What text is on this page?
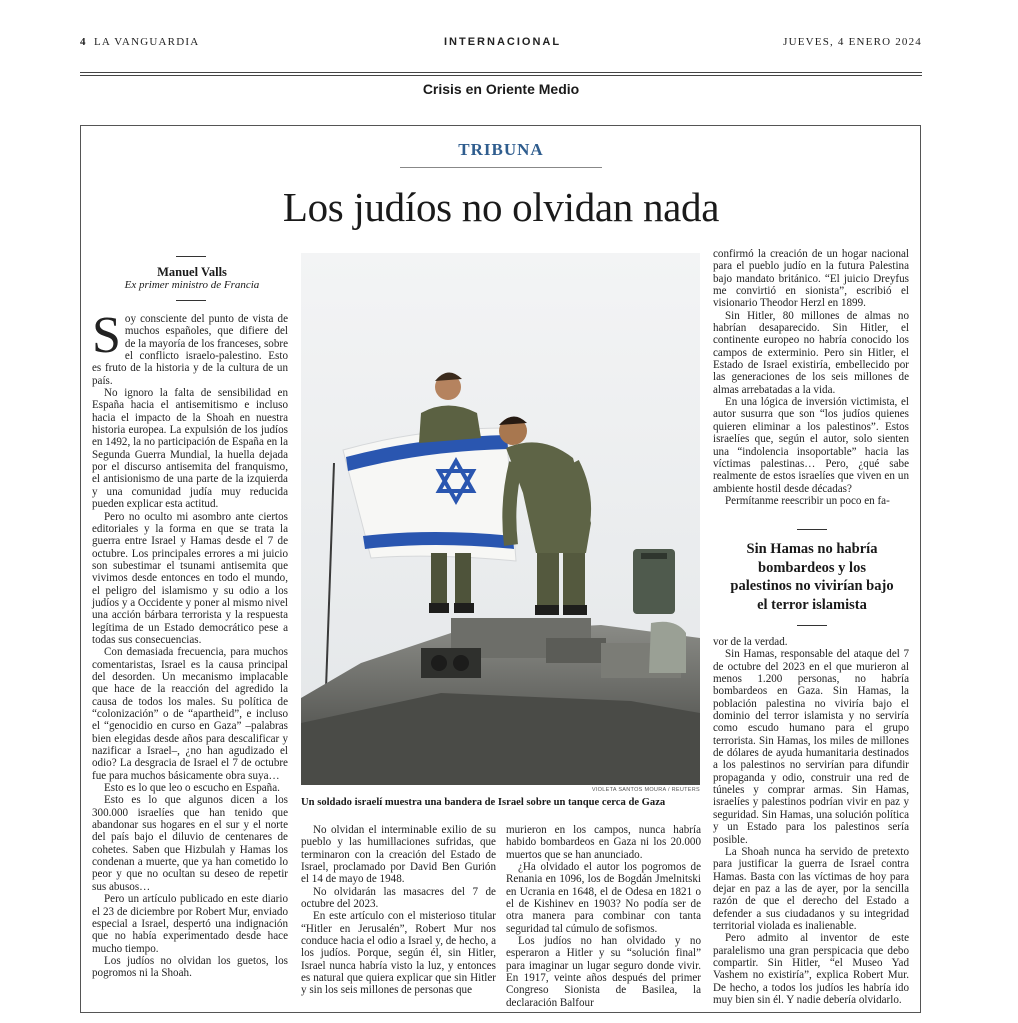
4 LA VANGUARDIA	INTERNACIONAL	JUEVES, 4 ENERO 2024
Crisis en Oriente Medio
TRIBUNA
Los judíos no olvidan nada
Manuel Valls
Ex primer ministro de Francia

Soy consciente del punto de vista de muchos españoles, que difiere del de la mayoría de los franceses, sobre el conflicto israelo-palestino. Esto es fruto de la historia y de la cultura de un país.

No ignoro la falta de sensibilidad en España hacia el antisemitismo e incluso hacia el impacto de la Shoah en nuestra historia europea. La expulsión de los judíos en 1492, la no participación de España en la Segunda Guerra Mundial, la huella dejada por el discurso antisemita del franquismo, el antisionismo de una parte de la izquierda y una comunidad judía muy reducida pueden explicar esta actitud.

Pero no oculto mi asombro ante ciertos editoriales y la forma en que se trata la guerra entre Israel y Hamas desde el 7 de octubre. Los principales errores a mi juicio son subestimar el tsunami antisemita que vivimos desde entonces en todo el mundo, el peligro del islamismo y su odio a los judíos y a Occidente y poner al mismo nivel una acción bárbara terrorista y la respuesta legítima de un Estado democrático pese a todas sus consecuencias.

Con demasiada frecuencia, para muchos comentaristas, Israel es la causa principal del desorden. Un mecanismo implacable que hace de la reacción del agredido la causa de todos los males. Su política de “colonización” o de “apartheid”, e incluso el “genocidio en curso en Gaza” –palabras bien elegidas desde años para descalificar y nazificar a Israel–, ¿no han agudizado el odio? La desgracia de Israel el 7 de octubre fue para muchos básicamente obra suya…

Esto es lo que leo o escucho en España.

Esto es lo que algunos dicen a los 300.000 israelíes que han tenido que abandonar sus hogares en el sur y el norte del país bajo el diluvio de centenares de cohetes. Saben que Hizbulah y Hamas los condenan a muerte, que ya han cometido lo peor y que no ocultan su deseo de repetir sus abusos…

Pero un artículo publicado en este diario el 23 de diciembre por Robert Mur, enviado especial a Israel, despertó una indignación que no había experimentado desde hace mucho tiempo.

Los judíos no olvidan los guetos, los pogromos ni la Shoah.

VIOLETA SANTOS MOURA / REUTERS
Un soldado israelí muestra una bandera de Israel sobre un tanque cerca de Gaza

No olvidan el interminable exilio de su pueblo y las humillaciones sufridas, que terminaron con la creación del Estado de Israel, proclamado por David Ben Gurión el 14 de mayo de 1948.

No olvidarán las masacres del 7 de octubre del 2023.

En este artículo con el misterioso titular “Hitler en Jerusalén”, Robert Mur nos conduce hacia el odio a Israel y, de hecho, a los judíos. Porque, según él, sin Hitler, Israel nunca habría visto la luz, y entonces es natural que quiera explicar que sin Hitler y sin los seis millones de personas que

murieron en los campos, nunca habría habido bombardeos en Gaza ni los 20.000 muertos que se han anunciado.

¿Ha olvidado el autor los pogromos de Renania en 1096, los de Bogdán Jmelnitski en Ucrania en 1648, el de Odesa en 1821 o el de Kishinev en 1903? No podía ser de otra manera para combinar con tanta seguridad tal cúmulo de sofismos.

Los judíos no han olvidado y no esperaron a Hitler y su “solución final” para imaginar un lugar seguro donde vivir. En 1917, veinte años después del primer Congreso Sionista de Basilea, la declaración Balfour

confirmó la creación de un hogar nacional para el pueblo judío en la futura Palestina bajo mandato británico. “El juicio Dreyfus me convirtió en sionista”, escribió el visionario Theodor Herzl en 1899.

Sin Hitler, 80 millones de almas no habrían desaparecido. Sin Hitler, el continente europeo no habría conocido los campos de exterminio. Pero sin Hitler, el Estado de Israel existiría, embellecido por las generaciones de los seis millones de almas arrebatadas a la vida.

En una lógica de inversión victimista, el autor susurra que son “los judíos quienes quieren eliminar a los palestinos”. Estos israelíes que, según el autor, solo sienten una “indolencia insoportable” hacia las víctimas palestinas… Pero, ¿qué sabe realmente de estos israelíes que viven en un ambiente hostil desde décadas?

Permítanme reescribir un poco en fa-

Sin Hamas no habría bombardeos y los palestinos no vivirían bajo el terror islamista

vor de la verdad.

Sin Hamas, responsable del ataque del 7 de octubre del 2023 en el que murieron al menos 1.200 personas, no habría bombardeos en Gaza. Sin Hamas, la población palestina no viviría bajo el dominio del terror islamista y no serviría como escudo humano para el grupo terrorista. Sin Hamas, los miles de millones de dólares de ayuda humanitaria destinados a los palestinos no servirían para difundir propaganda y odio, construir una red de túneles y comprar armas. Sin Hamas, israelíes y palestinos podrían vivir en paz y seguridad. Sin Hamas, una solución política y un Estado para los palestinos sería posible.

La Shoah nunca ha servido de pretexto para justificar la guerra de Israel contra Hamas. Basta con las víctimas de hoy para dejar en paz a las de ayer, por la sencilla razón de que el derecho del Estado a defender a sus ciudadanos y su integridad territorial violada es inalienable.

Pero admito al inventor de este paralelismo una gran perspicacia que debo compartir. Sin Hitler, “el Museo Yad Vashem no existiría”, explica Robert Mur. De hecho, a todos los judíos les habría ido muy bien sin él. Y nadie debería olvidarlo.
